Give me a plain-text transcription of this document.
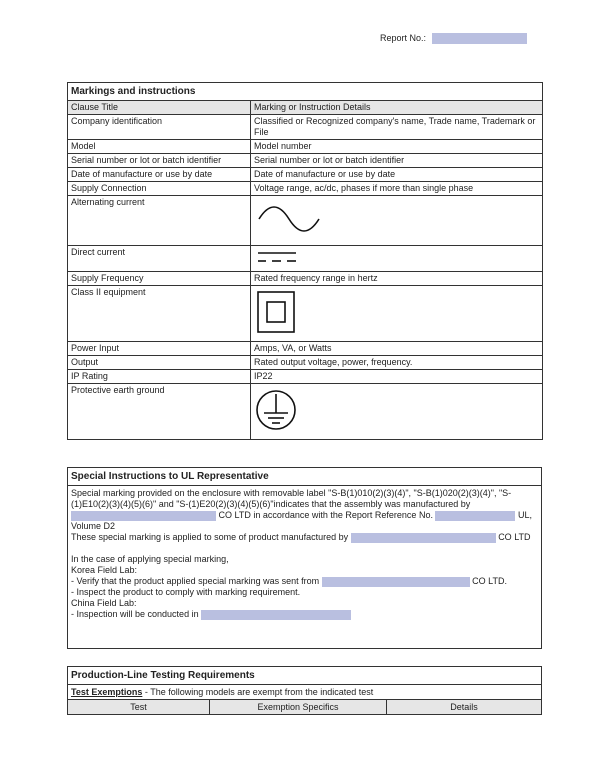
Report No.:
Markings and instructions	
Clause Title	Marking or Instruction Details
Company identification	Classified or Recognized company's name, Trade name, Trademark or File
Model	Model number
Serial number or lot or batch identifier	Serial number or lot or batch identifier
Date of manufacture or use by date	Date of manufacture or use by date
Supply Connection	Voltage range, ac/dc, phases if more than single phase
Alternating current	
Direct current	
Supply Frequency	Rated frequency range in hertz
Class II equipment	
Power Input	Amps, VA, or Watts
Output	Rated output voltage, power, frequency.
IP Rating	IP22
Protective earth ground	
Special Instructions to UL Representative

Special marking provided on the enclosure with removable label "S-B(1)010(2)(3)(4)", "S-B(1)020(2)(3)(4)", "S-(1)E10(2)(3)(4)(5)(6)" and "S-(1)E20(2)(3)(4)(5)(6)"indicates that the assembly was manufactured by  CO LTD in accordance with the Report Reference No.	UL, Volume D2

These special marking is applied to some of product manufactured by	CO LTD

In the case of applying special marking,

Korea Field Lab:

- Verify that the product applied special marking was sent from	CO LTD.

- Inspect the product to comply with marking requirement.

China Field Lab:

- Inspection will be conducted in

Production-Line Testing Requirements
Test Exemptions - The following models are exempt from the indicated test
Test	Exemption Specifics	Details
